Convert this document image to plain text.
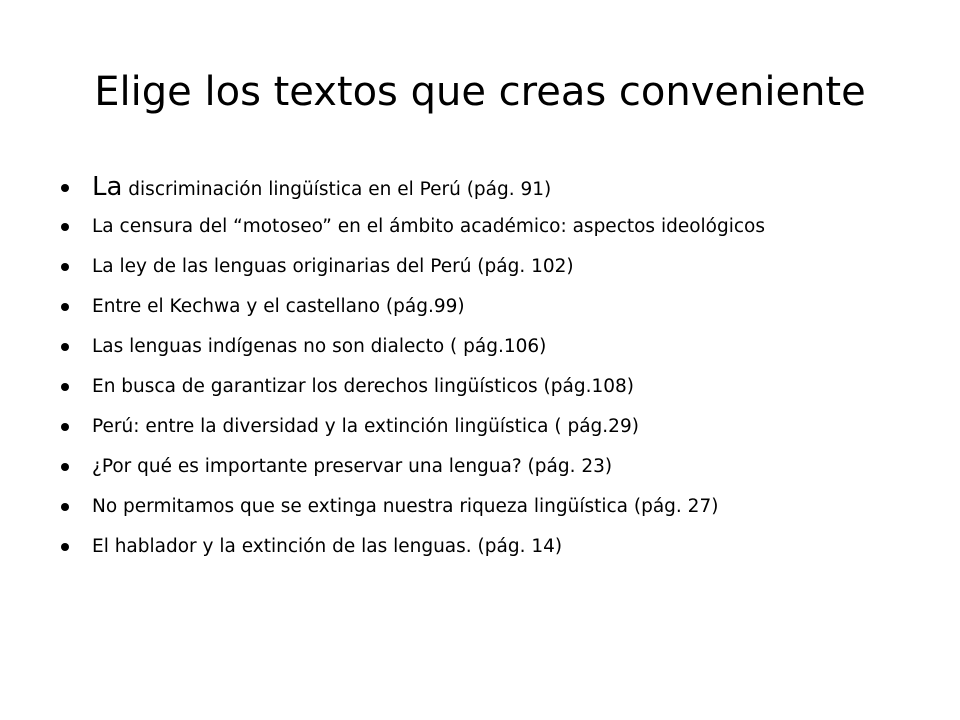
Elige los textos que creas conveniente
La discriminación lingüística en el Perú (pág. 91)
La censura del “motoseo” en el ámbito académico: aspectos ideológicos
La ley de las lenguas originarias del Perú (pág. 102)
Entre el Kechwa y el castellano (pág.99)
Las lenguas indígenas no son dialecto ( pág.106)
En busca de garantizar los derechos lingüísticos (pág.108)
Perú: entre la diversidad y la extinción lingüística ( pág.29)
¿Por qué es importante preservar una lengua? (pág. 23)
No permitamos que se extinga nuestra riqueza lingüística (pág. 27)
El hablador y la extinción de las lenguas. (pág. 14)
